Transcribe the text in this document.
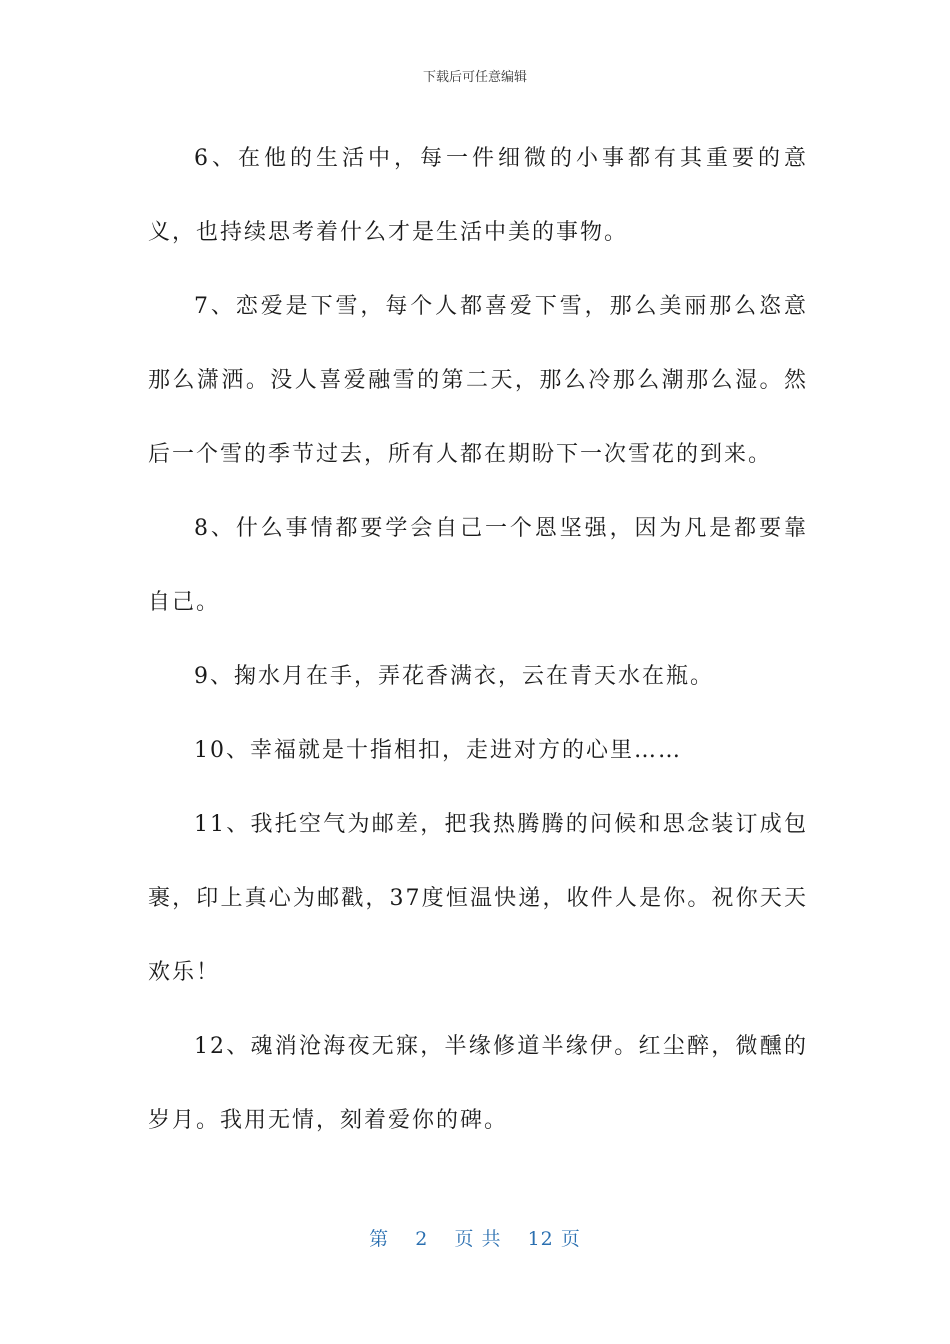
下载后可任意编辑

6、在他的生活中，每一件细微的小事都有其重要的意义，也持续思考着什么才是生活中美的事物。

7、恋爱是下雪，每个人都喜爱下雪，那么美丽那么恣意那么潇洒。没人喜爱融雪的第二天，那么冷那么潮那么湿。然后一个雪的季节过去，所有人都在期盼下一次雪花的到来。

8、什么事情都要学会自己一个恩坚强，因为凡是都要靠自己。

9、掬水月在手，弄花香满衣，云在青天水在瓶。

10、幸福就是十指相扣，走进对方的心里……

11、我托空气为邮差，把我热腾腾的问候和思念装订成包裹，印上真心为邮戳，37度恒温快递，收件人是你。祝你天天欢乐！

12、魂消沧海夜无寐，半缘修道半缘伊。红尘醉，微醺的岁月。我用无情，刻着爱你的碑。

第 2 页 共 12 页
